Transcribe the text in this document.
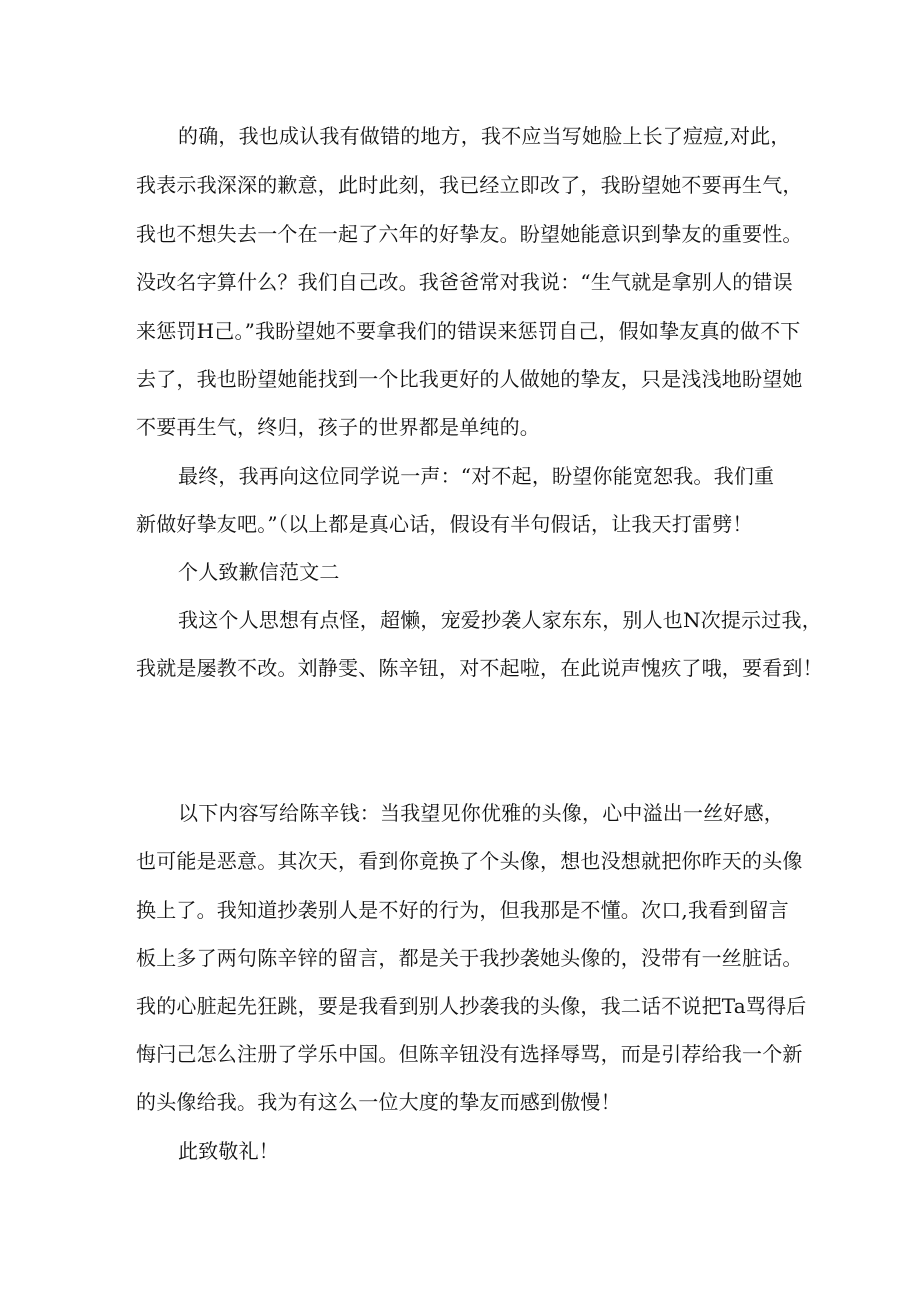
的确，我也成认我有做错的地方，我不应当写她脸上长了痘痘,对此，
我表示我深深的歉意，此时此刻，我已经立即改了，我盼望她不要再生气，
我也不想失去一个在一起了六年的好挚友。盼望她能意识到挚友的重要性。
没改名字算什么？我们自己改。我爸爸常对我说：“生气就是拿别人的错误
来惩罚H己。”我盼望她不要拿我们的错误来惩罚自己，假如挚友真的做不下
去了，我也盼望她能找到一个比我更好的人做她的挚友，只是浅浅地盼望她
不要再生气，终归，孩子的世界都是单纯的。
最终，我再向这位同学说一声：“对不起，盼望你能宽恕我。我们重
新做好挚友吧。”（以上都是真心话，假设有半句假话，让我天打雷劈！
个人致歉信范文二
我这个人思想有点怪，超懒，宠爱抄袭人家东东，别人也N次提示过我，
我就是屡教不改。刘静雯、陈辛钮，对不起啦，在此说声愧疚了哦，要看到！
以下内容写给陈辛钱：当我望见你优雅的头像，心中溢出一丝好感，
也可能是恶意。其次天，看到你竟换了个头像，想也没想就把你昨天的头像
换上了。我知道抄袭别人是不好的行为，但我那是不懂。次口,我看到留言
板上多了两句陈辛锌的留言，都是关于我抄袭她头像的，没带有一丝脏话。
我的心脏起先狂跳，要是我看到别人抄袭我的头像，我二话不说把Ta骂得后
悔闩己怎么注册了学乐中国。但陈辛钮没有选择辱骂，而是引荐给我一个新
的头像给我。我为有这么一位大度的挚友而感到傲慢！
此致敬礼！
